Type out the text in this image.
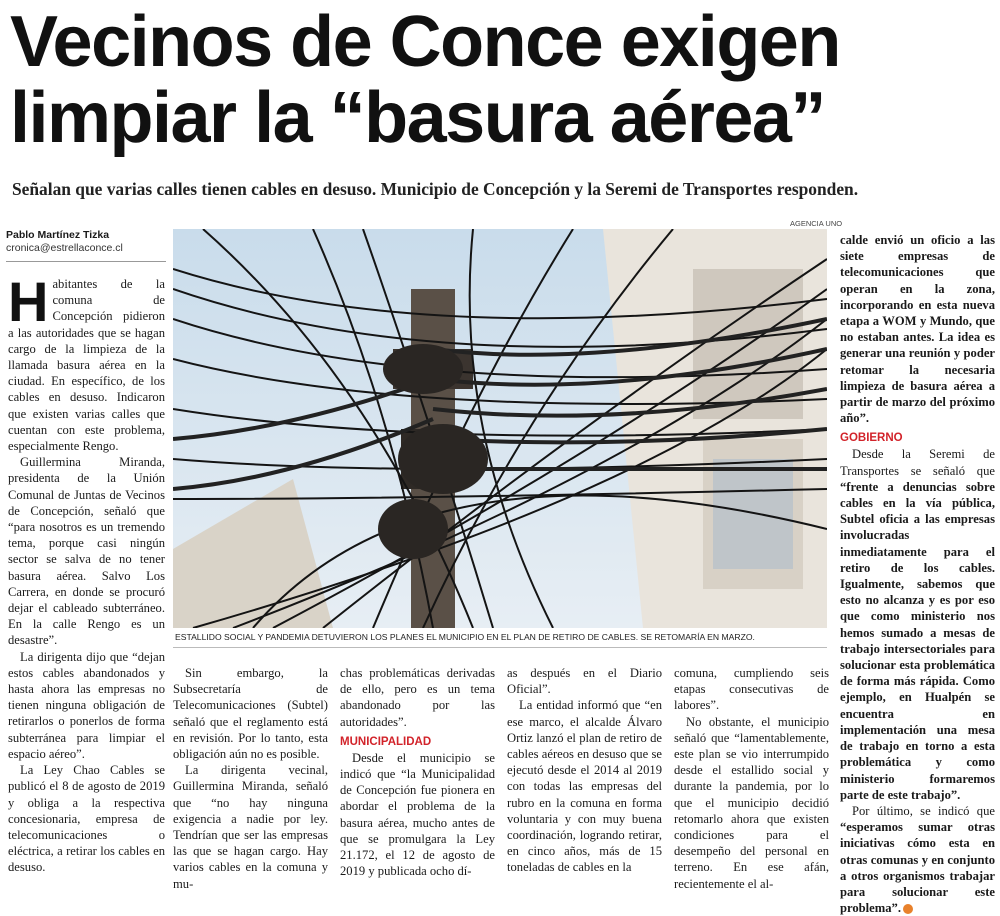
Vecinos de Conce exigen
limpiar la “basura aérea”
Señalan que varias calles tienen cables en desuso. Municipio de Concepción y la Seremi de Transportes responden.
Pablo Martínez Tizka
cronica@estrellaconce.cl
AGENCIA UNO
ESTALLIDO SOCIAL Y PANDEMIA DETUVIERON LOS PLANES EL MUNICIPIO EN EL PLAN DE RETIRO DE CABLES. SE RETOMARÍA EN MARZO.

Habitantes de la comuna de Concepción pidieron a las autoridades que se hagan cargo de la limpieza de la llamada basura aérea en la ciudad. En específico, de los cables en desuso. Indicaron que existen varias calles que cuentan con este problema, especialmente Rengo.

Guillermina Miranda, presidenta de la Unión Comunal de Juntas de Vecinos de Concepción, señaló que “para nosotros es un tremendo tema, porque casi ningún sector se salva de no tener basura aérea. Salvo Los Carrera, en donde se procuró dejar el cableado subterráneo. En la calle Rengo es un desastre”.

La dirigenta dijo que “dejan estos cables abandonados y hasta ahora las empresas no tienen ninguna obligación de retirarlos o ponerlos de forma subterránea para limpiar el espacio aéreo”.

La Ley Chao Cables se publicó el 8 de agosto de 2019 y obliga a la respectiva concesionaria, empresa de telecomunicaciones o eléctrica, a retirar los cables en desuso.

Sin embargo, la Subsecretaría de Telecomunicaciones (Subtel) señaló que el reglamento está en revisión. Por lo tanto, esta obligación aún no es posible.

La dirigenta vecinal, Guillermina Miranda, señaló que “no hay ninguna exigencia a nadie por ley. Tendrían que ser las empresas las que se hagan cargo. Hay varios cables en la comuna y mu-

chas problemáticas derivadas de ello, pero es un tema abandonado por las autoridades”.

MUNICIPALIDAD

Desde el municipio se indicó que “la Municipalidad de Concepción fue pionera en abordar el problema de la basura aérea, mucho antes de que se promulgara la Ley 21.172, el 12 de agosto de 2019 y publicada ocho dí-

as después en el Diario Oficial”.

La entidad informó que “en ese marco, el alcalde Álvaro Ortiz lanzó el plan de retiro de cables aéreos en desuso que se ejecutó desde el 2014 al 2019 con todas las empresas del rubro en la comuna en forma voluntaria y con muy buena coordinación, logrando retirar, en cinco años, más de 15 toneladas de cables en la

comuna, cumpliendo seis etapas consecutivas de labores”.

No obstante, el municipio señaló que “lamentablemente, este plan se vio interrumpido desde el estallido social y durante la pandemia, por lo que el municipio decidió retomarlo ahora que existen condiciones para el desempeño del personal en terreno. En ese afán, recientemente el al-

calde envió un oficio a las siete empresas de telecomunicaciones que operan en la zona, incorporando en esta nueva etapa a WOM y Mundo, que no estaban antes. La idea es generar una reunión y poder retomar la necesaria limpieza de basura aérea a partir de marzo del próximo año”.

GOBIERNO

Desde la Seremi de Transportes se señaló que “frente a denuncias sobre cables en la vía pública, Subtel oficia a las empresas involucradas inmediatamente para el retiro de los cables. Igualmente, sabemos que esto no alcanza y es por eso que como ministerio nos hemos sumado a mesas de trabajo intersectoriales para solucionar esta problemática de forma más rápida. Como ejemplo, en Hualpén se encuentra en implementación una mesa de trabajo en torno a esta problemática y como ministerio formaremos parte de este trabajo”.

Por último, se indicó que “esperamos sumar otras iniciativas cómo esta en otras comunas y en conjunto a otros organismos trabajar para solucionar este problema”.
